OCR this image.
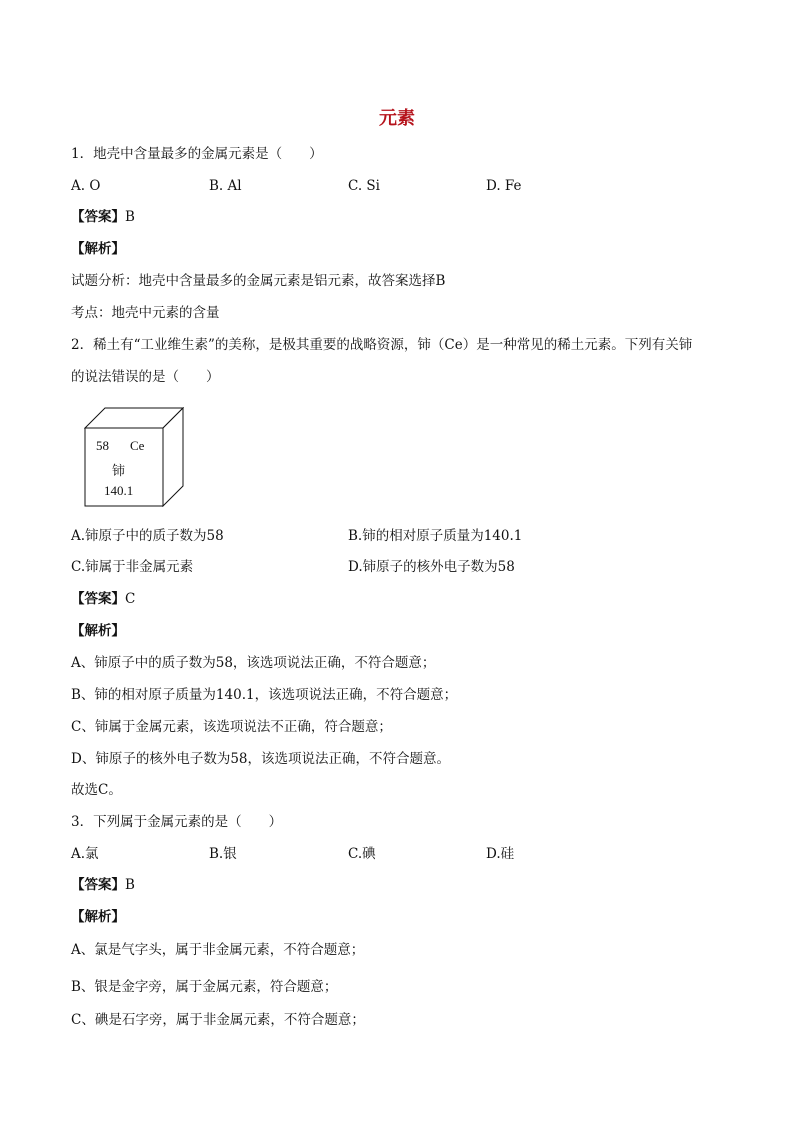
元素
1．地壳中含量最多的金属元素是（　　）
A. O	B. Al	C. Si	D. Fe
【答案】B
【解析】
试题分析：地壳中含量最多的金属元素是铝元素，故答案选择B
考点：地壳中元素的含量
2．稀土有“工业维生素”的美称，是极其重要的战略资源，铈（Ce）是一种常见的稀土元素。下列有关铈
的说法错误的是（　　）
58 Ce
铈
140.1
A.铈原子中的质子数为58	B.铈的相对原子质量为140.1
C.铈属于非金属元素	D.铈原子的核外电子数为58
【答案】C
【解析】
A、铈原子中的质子数为58，该选项说法正确，不符合题意；
B、铈的相对原子质量为140.1，该选项说法正确，不符合题意；
C、铈属于金属元素，该选项说法不正确，符合题意；
D、铈原子的核外电子数为58，该选项说法正确，不符合题意。
故选C。
3．下列属于金属元素的是（　　）
A.氯	B.银	C.碘	D.硅
【答案】B
【解析】
A、氯是气字头，属于非金属元素，不符合题意；
B、银是金字旁，属于金属元素，符合题意；
C、碘是石字旁，属于非金属元素，不符合题意；
